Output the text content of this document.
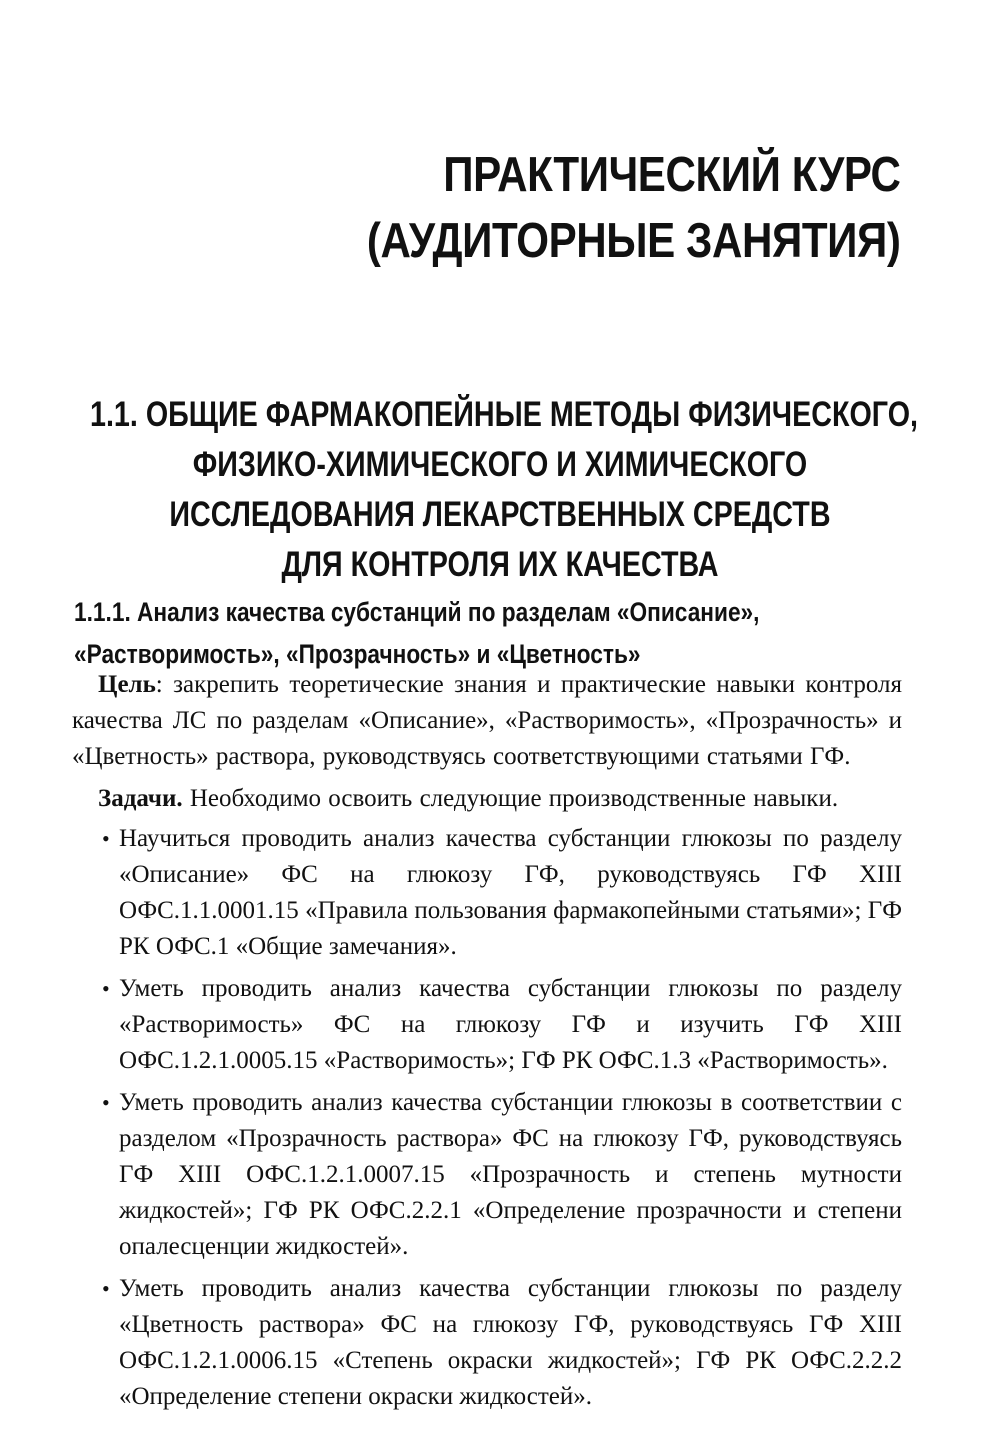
ПРАКТИЧЕСКИЙ КУРС
(АУДИТОРНЫЕ ЗАНЯТИЯ)
1.1. ОБЩИЕ ФАРМАКОПЕЙНЫЕ МЕТОДЫ ФИЗИЧЕСКОГО,
ФИЗИКО-ХИМИЧЕСКОГО И ХИМИЧЕСКОГО
ИССЛЕДОВАНИЯ ЛЕКАРСТВЕННЫХ СРЕДСТВ
ДЛЯ КОНТРОЛЯ ИХ КАЧЕСТВА
1.1.1. Анализ качества субстанций по разделам «Описание»,
«Растворимость», «Прозрачность» и «Цветность»

Цель: закрепить теоретические знания и практические навыки контроля качества ЛС по разделам «Описание», «Растворимость», «Прозрачность» и «Цветность» раствора, руководствуясь соответствующими статьями ГФ.

Задачи. Необходимо освоить следующие производственные навыки.

• Научиться проводить анализ качества субстанции глюкозы по разделу «Описание» ФС на глюкозу ГФ, руководствуясь ГФ XIII ОФС.1.1.0001.15 «Правила пользования фармакопейными статьями»; ГФ РК ОФС.1 «Общие замечания».
• Уметь проводить анализ качества субстанции глюкозы по разделу «Растворимость» ФС на глюкозу ГФ и изучить ГФ XIII ОФС.1.2.1.0005.15 «Растворимость»; ГФ РК ОФС.1.3 «Растворимость».
• Уметь проводить анализ качества субстанции глюкозы в соответствии с разделом «Прозрачность раствора» ФС на глюкозу ГФ, руководствуясь ГФ XIII ОФС.1.2.1.0007.15 «Прозрачность и степень мутности жидкостей»; ГФ РК ОФС.2.2.1 «Определение прозрачности и степени опалесценции жидкостей».
• Уметь проводить анализ качества субстанции глюкозы по разделу «Цветность раствора» ФС на глюкозу ГФ, руководствуясь ГФ XIII ОФС.1.2.1.0006.15 «Степень окраски жидкостей»; ГФ РК ОФС.2.2.2 «Определение степени окраски жидкостей».
